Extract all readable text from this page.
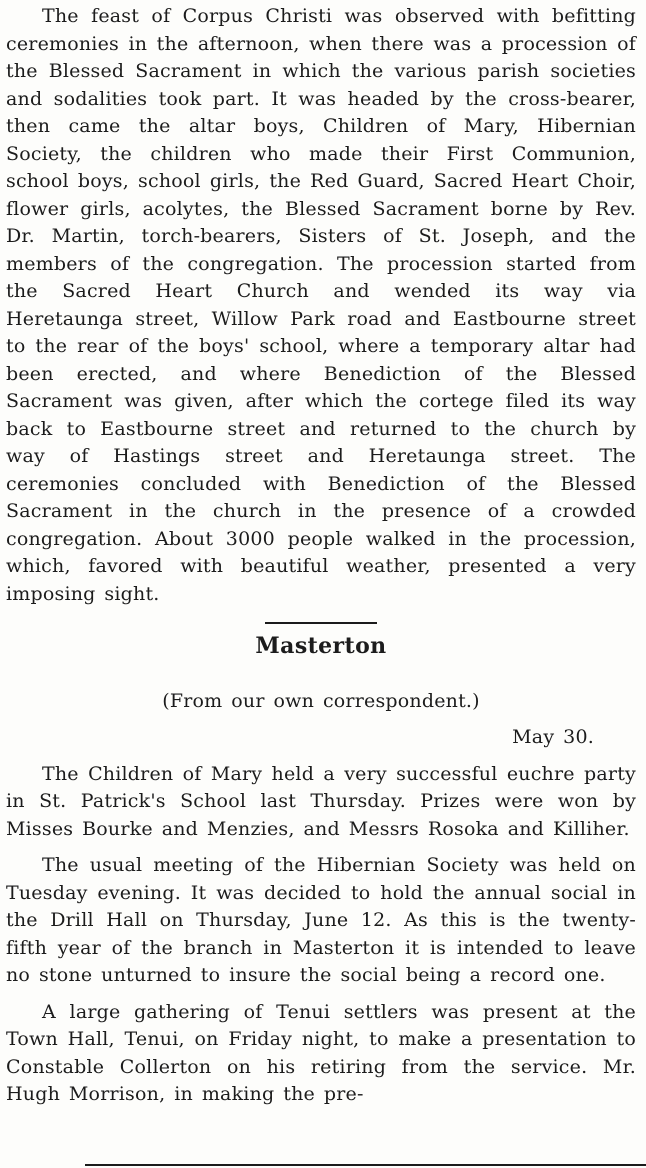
The feast of Corpus Christi was observed with befitting ceremonies in the afternoon, when there was a procession of the Blessed Sacrament in which the various parish societies and sodalities took part. It was headed by the cross-bearer, then came the altar boys, Children of Mary, Hibernian Society, the children who made their First Communion, school boys, school girls, the Red Guard, Sacred Heart Choir, flower girls, acolytes, the Blessed Sacrament borne by Rev. Dr. Martin, torch-bearers, Sisters of St. Joseph, and the members of the congregation. The procession started from the Sacred Heart Church and wended its way via Heretaunga street, Willow Park road and Eastbourne street to the rear of the boys' school, where a temporary altar had been erected, and where Benediction of the Blessed Sacrament was given, after which the cortege filed its way back to Eastbourne street and returned to the church by way of Hastings street and Heretaunga street. The ceremonies concluded with Benediction of the Blessed Sacrament in the church in the presence of a crowded congregation. About 3000 people walked in the procession, which, favored with beautiful weather, presented a very imposing sight.

Masterton

(From our own correspondent.)

May 30.

The Children of Mary held a very successful euchre party in St. Patrick's School last Thursday. Prizes were won by Misses Bourke and Menzies, and Messrs Rosoka and Killiher.

The usual meeting of the Hibernian Society was held on Tuesday evening. It was decided to hold the annual social in the Drill Hall on Thursday, June 12. As this is the twenty-fifth year of the branch in Masterton it is intended to leave no stone unturned to insure the social being a record one.

A large gathering of Tenui settlers was present at the Town Hall, Tenui, on Friday night, to make a presentation to Constable Collerton on his retiring from the service. Mr. Hugh Morrison, in making the pre-
